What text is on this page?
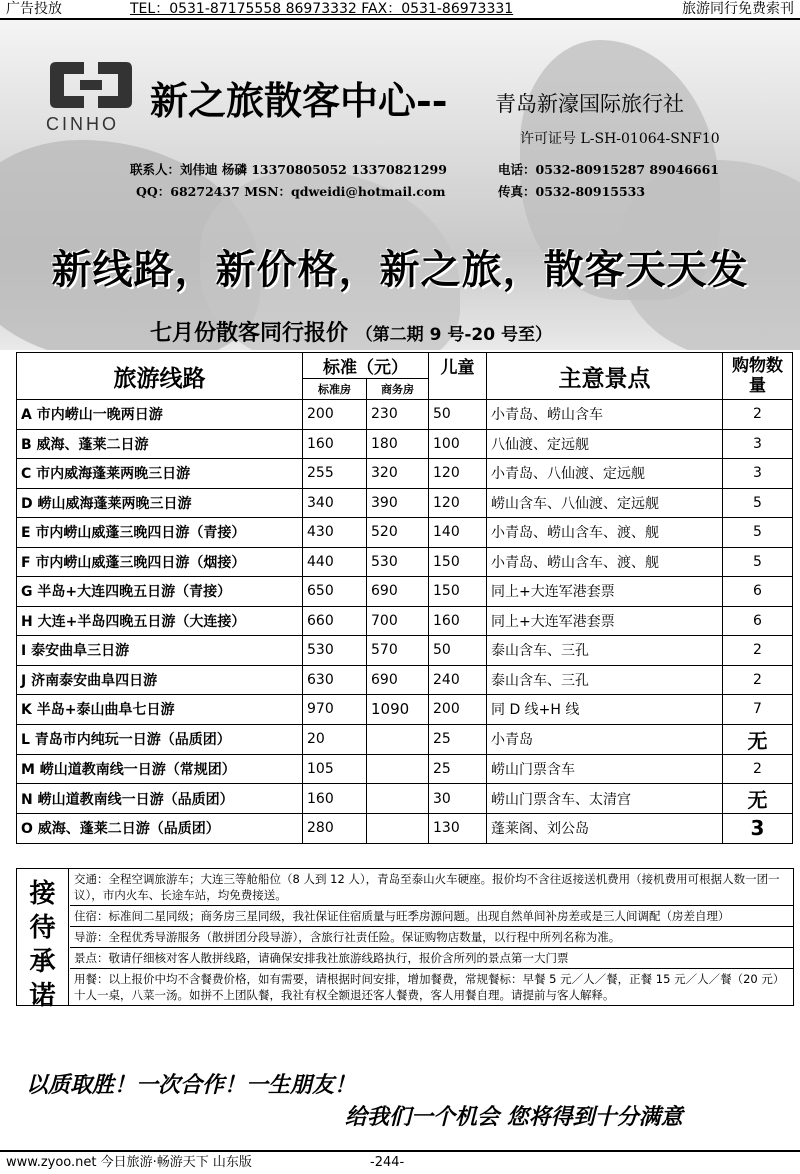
广告投放	TEL：0531-87175558 86973332 FAX：0531-86973331	旅游同行免费索刊
CINHO
新之旅散客中心-- 青岛新濠国际旅行社
许可证号 L-SH-01064-SNF10
联系人：刘伟迪 杨磷 13370805052 13370821299	电话：0532-80915287 89046661
QQ：68272437 MSN：qdweidi@hotmail.com	传真：0532-80915533
新线路，新价格，新之旅，散客天天发
七月份散客同行报价 （第二期 9 号-20 号至）
旅游线路	标准（元）		儿童	主意景点	购物数量
	标准房	商务房			
A 市内崂山一晚两日游	200	230	50	小青岛、崂山含车	2
B 威海、蓬莱二日游	160	180	100	八仙渡、定远舰	3
C 市内威海蓬莱两晚三日游	255	320	120	小青岛、八仙渡、定远舰	3
D 崂山威海蓬莱两晚三日游	340	390	120	崂山含车、八仙渡、定远舰	5
E 市内崂山威蓬三晚四日游（青接）	430	520	140	小青岛、崂山含车、渡、舰	5
F 市内崂山威蓬三晚四日游（烟接）	440	530	150	小青岛、崂山含车、渡、舰	5
G 半岛+大连四晚五日游（青接）	650	690	150	同上+大连军港套票	6
H 大连+半岛四晚五日游（大连接）	660	700	160	同上+大连军港套票	6
I 泰安曲阜三日游	530	570	50	泰山含车、三孔	2
J 济南泰安曲阜四日游	630	690	240	泰山含车、三孔	2
K 半岛+泰山曲阜七日游	970	1090	200	同 D 线+H 线	7
L 青岛市内纯玩一日游（品质团）	20		25	小青岛	无
M 崂山道教南线一日游（常规团）	105		25	崂山门票含车	2
N 崂山道教南线一日游（品质团）	160		30	崂山门票含车、太清宫	无
O 威海、蓬莱二日游（品质团）	280		130	蓬莱阁、刘公岛	3
接待承诺
交通：全程空调旅游车；大连三等舱船位（8 人到 12 人），青岛至泰山火车硬座。报价均不含往返接送机费用（接机费用可根据人数一团一议），市内火车、长途车站，均免费接送。
住宿：标准间二星同级；商务房三星同级，我社保证住宿质量与旺季房源问题。出现自然单间补房差或是三人间调配（房差自理）
导游：全程优秀导游服务（散拼团分段导游），含旅行社责任险。保证购物店数量，以行程中所列名称为准。
景点：敬请仔细核对客人散拼线路，请确保安排我社旅游线路执行，报价含所列的景点第一大门票
用餐：以上报价中均不含餐费价格，如有需要，请根据时间安排，增加餐费，常规餐标：早餐 5 元／人／餐，正餐 15 元／人／餐（20 元）十人一桌，八菜一汤。如拼不上团队餐，我社有权全额退还客人餐费，客人用餐自理。请提前与客人解释。
以质取胜！一次合作！一生朋友！
给我们一个机会 您将得到十分满意
www.zyoo.net 今日旅游·畅游天下 山东版	-244-
